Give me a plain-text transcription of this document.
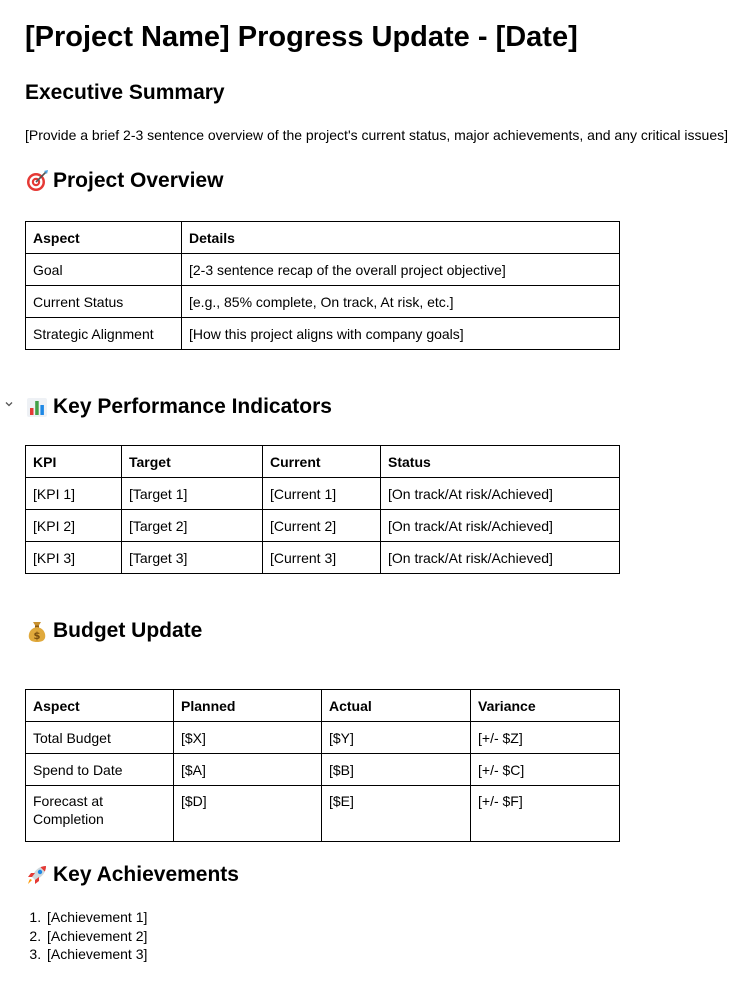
[Project Name] Progress Update - [Date]
Executive Summary
[Provide a brief 2-3 sentence overview of the project's current status, major achievements, and any critical issues]
Project Overview
Aspect	Details
Goal	[2-3 sentence recap of the overall project objective]
Current Status	[e.g., 85% complete, On track, At risk, etc.]
Strategic Alignment	[How this project aligns with company goals]
Key Performance Indicators
KPI	Target	Current	Status
[KPI 1]	[Target 1]	[Current 1]	[On track/At risk/Achieved]
[KPI 2]	[Target 2]	[Current 2]	[On track/At risk/Achieved]
[KPI 3]	[Target 3]	[Current 3]	[On track/At risk/Achieved]
$ Budget Update
Aspect	Planned	Actual	Variance
Total Budget	[$X]	[$Y]	[+/- $Z]
Spend to Date	[$A]	[$B]	[+/- $C]
Forecast at Completion	[$D]	[$E]	[+/- $F]
Key Achievements
1. [Achievement 1]
2. [Achievement 2]
3. [Achievement 3]
